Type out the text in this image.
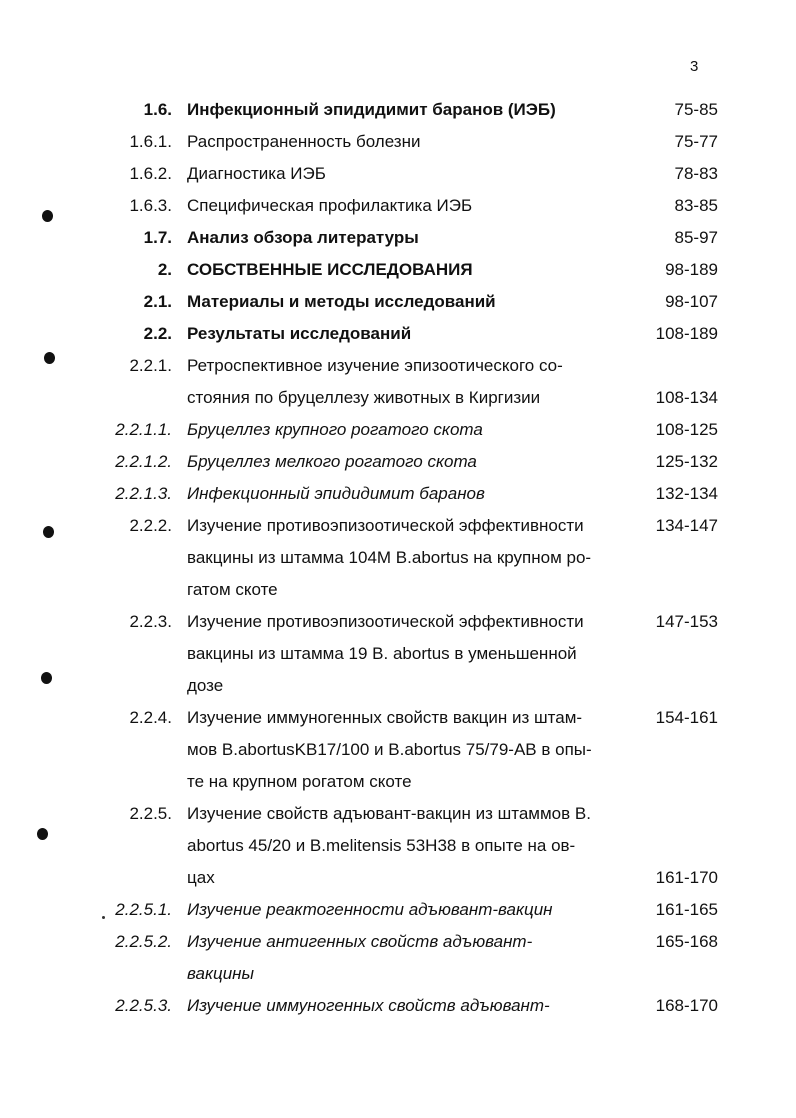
3
1.6. Инфекционный эпидидимит баранов (ИЭБ)	75-85
1.6.1. Распространенность болезни	75-77
1.6.2. Диагностика ИЭБ	78-83
1.6.3. Специфическая профилактика ИЭБ	83-85
1.7. Анализ обзора литературы	85-97
2. СОБСТВЕННЫЕ ИССЛЕДОВАНИЯ	98-189
2.1. Материалы и методы исследований	98-107
2.2. Результаты исследований	108-189
2.2.1. Ретроспективное изучение эпизоотического со-
стояния по бруцеллезу животных в Киргизии	108-134
2.2.1.1. Бруцеллез крупного рогатого скота	108-125
2.2.1.2. Бруцеллез мелкого рогатого скота	125-132
2.2.1.3. Инфекционный эпидидимит баранов	132-134
2.2.2. Изучение противоэпизоотической эффективности	134-147
вакцины из штамма 104М B.abortus на крупном ро-
гатом скоте
2.2.3. Изучение противоэпизоотической эффективности	147-153
вакцины из штамма 19 B. abortus в уменьшенной
дозе
2.2.4. Изучение иммуногенных свойств вакцин из штам-	154-161
мов B.abortusKB17/100 и B.abortus 75/79-AB в опы-
те на крупном рогатом скоте
2.2.5. Изучение свойств адъювант-вакцин из штаммов B.
abortus 45/20 и B.melitensis 53H38 в опыте на ов-
цах	161-170
2.2.5.1. Изучение реактогенности адъювант-вакцин	161-165
2.2.5.2. Изучение антигенных свойств адъювант-	165-168
вакцины
2.2.5.3. Изучение иммуногенных свойств адъювант-	168-170
